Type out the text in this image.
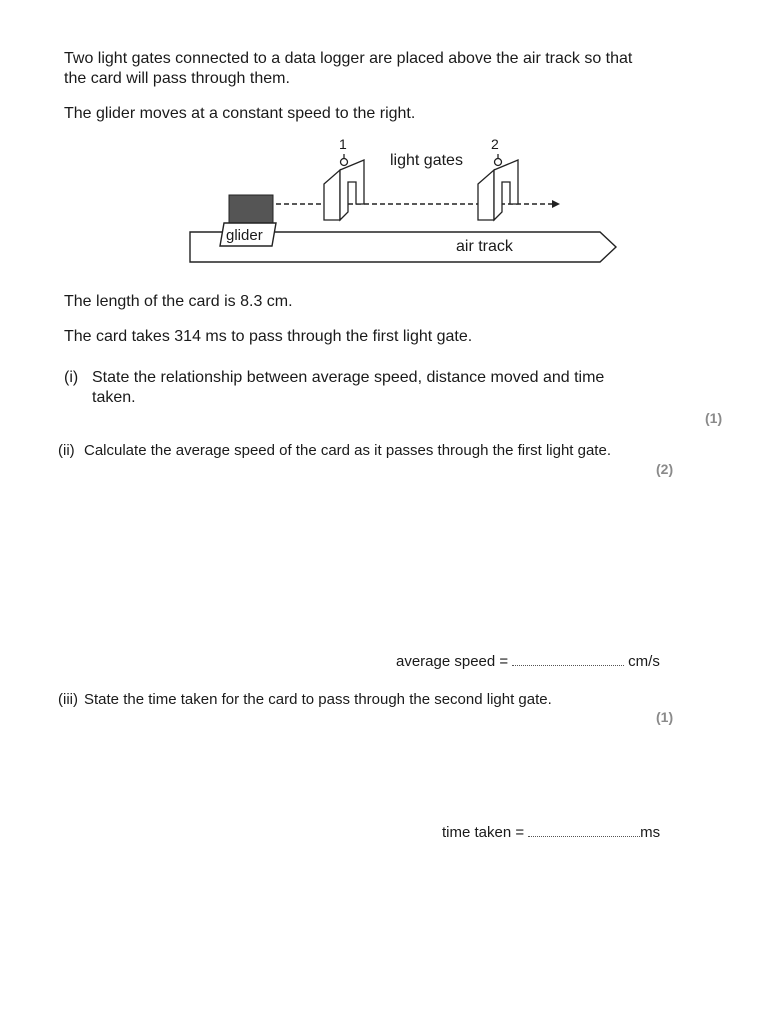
Two light gates connected to a data logger are placed above the air track so that

the card will pass through them.

The glider moves at a constant speed to the right.

glider
1	2
light gates
air track

The length of the card is 8.3 cm.

The card takes 314 ms to pass through the first light gate.

(i) State the relationship between average speed, distance moved and time

taken.

(1)

(ii) Calculate the average speed of the card as it passes through the first light gate.

(2)

average speed =	cm/s

(iii) State the time taken for the card to pass through the second light gate.

(1)

time taken =	ms
